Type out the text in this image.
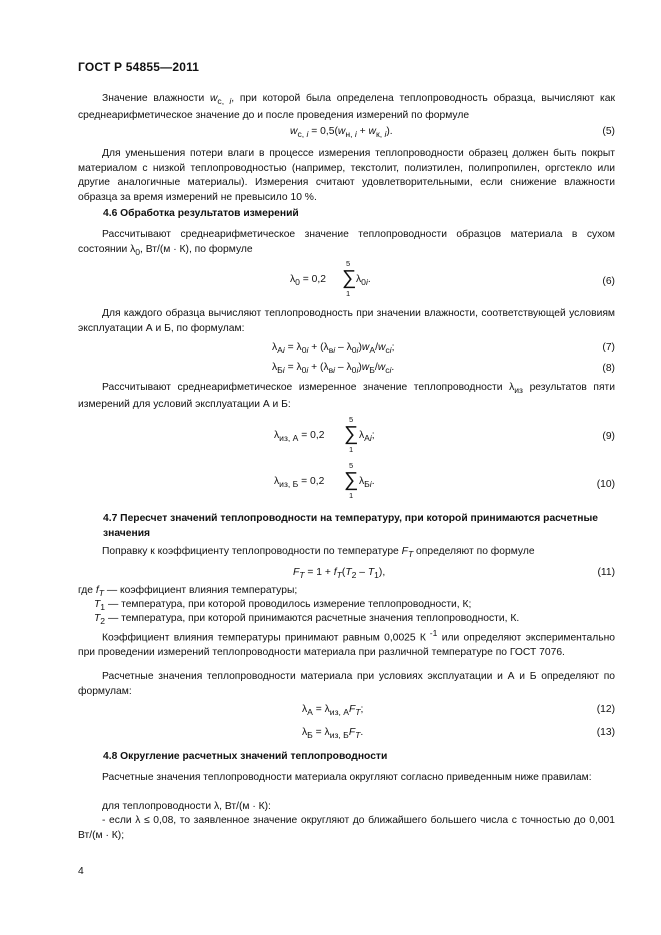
ГОСТ Р 54855—2011

Значение влажности $w_{с, i}$, при которой была определена теплопроводность образца, вычисляют как среднеарифметическое значение до и после проведения измерений по формуле

$w_{с, i} = 0,5(w_{н, i} + w_{к, i})$.	(5)

Для уменьшения потери влаги в процессе измерения теплопроводности образец должен быть покрыт материалом с низкой теплопроводностью (например, текстолит, полиэтилен, полипропилен, оргстекло или другие аналогичные материалы). Измерения считают удовлетворительными, если снижение влажности образца за время измерений не превысило 10 %.

4.6 Обработка результатов измерений

Рассчитывают среднеарифметическое значение теплопроводности образцов материала в сухом состоянии $\lambda_0$, Вт/(м · К), по формуле

$\lambda_0 = 0,2$ ∑
5
1
$\lambda_{0i}$.	(6)

Для каждого образца вычисляют теплопроводность при значении влажности, соответствующей условиям эксплуатации А и Б, по формулам:

$\lambda_{Аi} = \lambda_{0i} + (\lambda_{вi} - \lambda_{0i})w_А/w_{сi}$;	(7)
$\lambda_{Бi} = \lambda_{0i} + (\lambda_{вi} - \lambda_{0i})w_Б/w_{сi}$.	(8)

Рассчитывают среднеарифметическое измеренное значение теплопроводности $\lambda_{из}$ результатов пяти измерений для условий эксплуатации А и Б:

$\lambda_{из, А} = 0,2$ ∑
5
1
$\lambda_{Аi}$;	(9)
$\lambda_{из, Б} = 0,2$ ∑
5
1
$\lambda_{Бi}$.	(10)

4.7 Пересчет значений теплопроводности на температуру, при которой принимаются расчетные значения

Поправку к коэффициенту теплопроводности по температуре $F_T$ определяют по формуле

$F_T = 1 + f_T(T_2 - T_1)$,	(11)

где $f_T$ — коэффициент влияния температуры;

$T_1$ — температура, при которой проводилось измерение теплопроводности, К;

$T_2$ — температура, при которой принимаются расчетные значения теплопроводности, К.

Коэффициент влияния температуры принимают равным 0,0025 К $^{-1}$ или определяют экспериментально при проведении измерений теплопроводности материала при различной температуре по ГОСТ 7076.

Расчетные значения теплопроводности материала при условиях эксплуатации и А и Б определяют по формулам:

$\lambda_А = \lambda_{из, А}F_T$;	(12)
$\lambda_Б = \lambda_{из, Б}F_T$.	(13)

4.8 Округление расчетных значений теплопроводности

Расчетные значения теплопроводности материала округляют согласно приведенным ниже правилам:

для теплопроводности λ, Вт/(м · К):

- если λ ≤ 0,08, то заявленное значение округляют до ближайшего большего числа с точностью до 0,001 Вт/(м · К);

4
